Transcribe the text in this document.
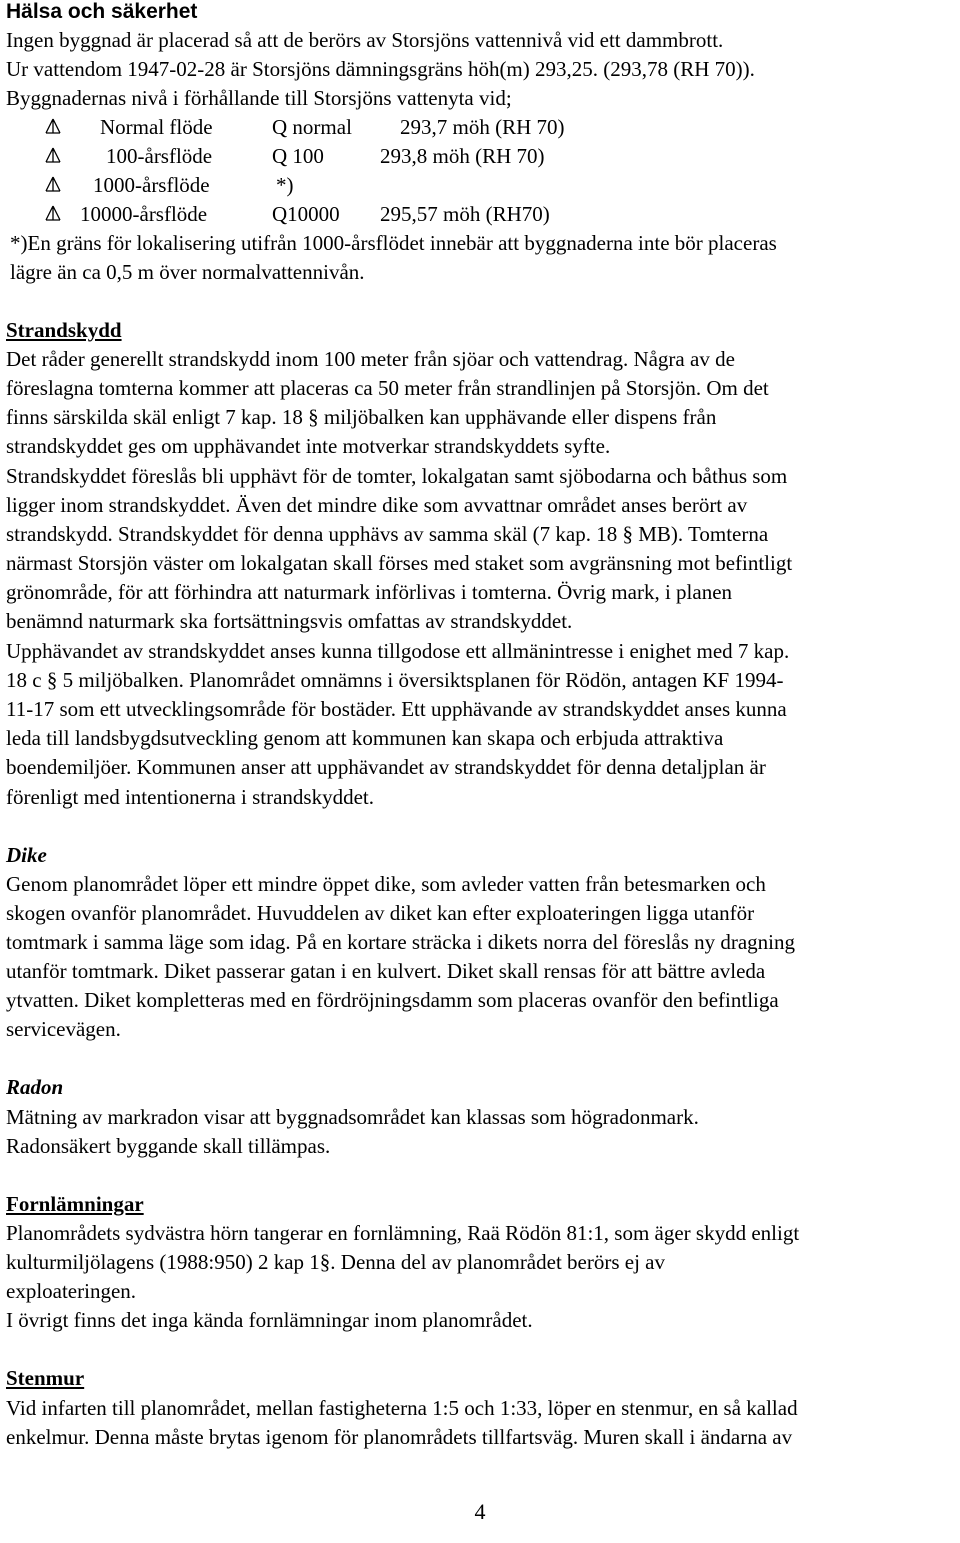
Hälsa och säkerhet
Ingen byggnad är placerad så att de berörs av Storsjöns vattennivå vid ett dammbrott.
Ur vattendom 1947-02-28 är Storsjöns dämningsgräns höh(m) 293,25. (293,78 (RH 70)).
Byggnadernas nivå i förhållande till Storsjöns vattenyta vid;
Normal flöde	Q normal 293,7 möh (RH 70)
100-årsflöde	Q 100	293,8 möh (RH 70)
1000-årsflöde	*)
10000-årsflöde	Q10000 295,57 möh (RH70)
*)En gräns för lokalisering utifrån 1000-årsflödet innebär att byggnaderna inte bör placeras
lägre än ca 0,5 m över normalvattennivån.
Strandskydd
Det råder generellt strandskydd inom 100 meter från sjöar och vattendrag. Några av de
föreslagna tomterna kommer att placeras ca 50 meter från strandlinjen på Storsjön. Om det
finns särskilda skäl enligt 7 kap. 18 § miljöbalken kan upphävande eller dispens från
strandskyddet ges om upphävandet inte motverkar strandskyddets syfte.
Strandskyddet föreslås bli upphävt för de tomter, lokalgatan samt sjöbodarna och båthus som
ligger inom strandskyddet. Även det mindre dike som avvattnar området anses berört av
strandskydd. Strandskyddet för denna upphävs av samma skäl (7 kap. 18 § MB). Tomterna
närmast Storsjön väster om lokalgatan skall förses med staket som avgränsning mot befintligt
grönområde, för att förhindra att naturmark införlivas i tomterna. Övrig mark, i planen
benämnd naturmark ska fortsättningsvis omfattas av strandskyddet.
Upphävandet av strandskyddet anses kunna tillgodose ett allmänintresse i enighet med 7 kap.
18 c § 5 miljöbalken. Planområdet omnämns i översiktsplanen för Rödön, antagen KF 1994-
11-17 som ett utvecklingsområde för bostäder. Ett upphävande av strandskyddet anses kunna
leda till landsbygdsutveckling genom att kommunen kan skapa och erbjuda attraktiva
boendemiljöer. Kommunen anser att upphävandet av strandskyddet för denna detaljplan är
förenligt med intentionerna i strandskyddet.
Dike
Genom planområdet löper ett mindre öppet dike, som avleder vatten från betesmarken och
skogen ovanför planområdet. Huvuddelen av diket kan efter exploateringen ligga utanför
tomtmark i samma läge som idag. På en kortare sträcka i dikets norra del föreslås ny dragning
utanför tomtmark. Diket passerar gatan i en kulvert. Diket skall rensas för att bättre avleda
ytvatten. Diket kompletteras med en fördröjningsdamm som placeras ovanför den befintliga
servicevägen.
Radon
Mätning av markradon visar att byggnadsområdet kan klassas som högradonmark.
Radonsäkert byggande skall tillämpas.
Fornlämningar
Planområdets sydvästra hörn tangerar en fornlämning, Raä Rödön 81:1, som äger skydd enligt
kulturmiljölagens (1988:950) 2 kap 1§. Denna del av planområdet berörs ej av
exploateringen.
I övrigt finns det inga kända fornlämningar inom planområdet.
Stenmur
Vid infarten till planområdet, mellan fastigheterna 1:5 och 1:33, löper en stenmur, en så kallad
enkelmur. Denna måste brytas igenom för planområdets tillfartsväg. Muren skall i ändarna av
4
